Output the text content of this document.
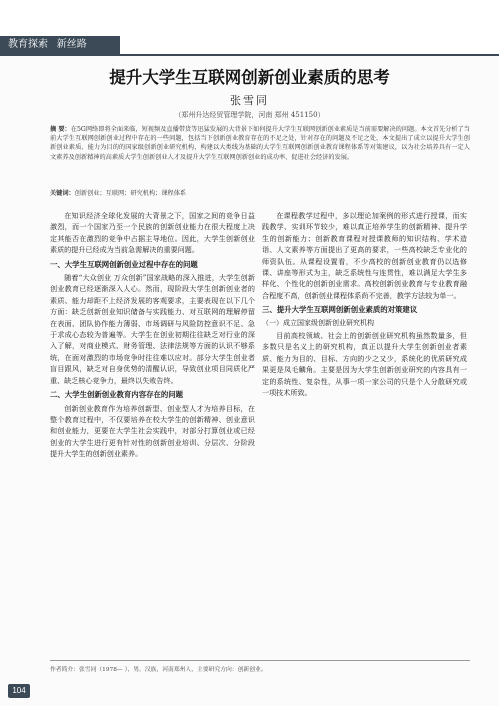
教育探索 新丝路
提升大学生互联网创新创业素质的思考
张雪同
（郑州升达经贸管理学院，河南 郑州 451150）
摘 要：在5G网络即将全面来临，短视频及直播带货等迅猛发展的大背景下如何提升大学生互联网创新创业素质是当前需要解决的问题。本文首先分析了当前大学生互联网创新创业过程中存在的一些问题，包括当下创新创业教育存在的不足之处，针对存在的问题及不足之处，本文提出了成立以提升大学生创新创业素质、能力为目的的国家级创新创业研究机构，构建以大类线为基础的大学生互联网创新创业教育课程体系等对策建议，以为社会培养具有一定人文素养及创新精神的高素质大学生创新创业人才及提升大学生互联网创新创业的成功率，促进社会经济的发展。
关键词：创新创业；互联网；研究机构；课程体系

在知识经济全球化发展的大背景之下，国家之间的竞争日益激烈，而一个国家乃至一个民族的创新创业能力在很大程度上决定其能否在激烈的竞争中占据主导地位。因此，大学生创新创业素质的提升已经成为当前急需解决的重要问题。

一、大学生互联网创新创业过程中存在的问题

随着“大众创业 万众创新”国家战略的深入推进，大学生创新创业教育已经逐渐深入人心。然而，现阶段大学生创新创业者的素质、能力却距不上经济发展的客观要求，主要表现在以下几个方面：缺乏创新创业知识储备与实践能力、对互联网的理解停留在表面、团队协作能力薄弱、市场调研与风险防控意识不足、急于求成心态较为普遍等。大学生在创业初期往往缺乏对行业的深入了解，对商业模式、财务管理、法律法规等方面的认识不够系统，在面对激烈的市场竞争时往往难以应对。部分大学生创业者盲目跟风，缺乏对自身优势的清醒认识，导致创业项目同质化严重、缺乏核心竞争力，最终以失败告终。

二、大学生创新创业教育内容存在的问题

创新创业教育作为培养创新型、创业型人才为培养目标，在整个教育过程中，不仅要培养在校大学生的创新精神、创业意识和创业能力，更要在大学生社会实践中，对部分打算创业或已经创业的大学生进行更有针对性的创新创业培训、分层次、分阶段提升大学生的创新创业素养。

在课程教学过程中，多以理论加案例的形式进行授课，而实践教学、实训环节较少，难以真正培养学生的创新精神、提升学生的创新能力；创新教育课程对授课教师的知识结构、学术造诣、人文素养等方面提出了更高的要求，一些高校缺乏专业化的师资队伍。从课程设置看，不少高校的创新创业教育仍以选修课、讲座等形式为主，缺乏系统性与连贯性，难以满足大学生多样化、个性化的创新创业需求。高校创新创业教育与专业教育融合程度不高，创新创业课程体系尚不完善，教学方法较为单一。

三、提升大学生互联网创新创业素质的对策建议
（一）成立国家级创新创业研究机构

目前高校领域、社会上的创新创业研究机构虽然数量多，但多数只是名义上的研究机构，真正以提升大学生创新创业者素质、能力为目的、目标、方向的少之又少，系统化的优质研究成果更是凤毛麟角。主要是因为大学生创新创业研究的内容具有一定的系统性、复杂性，从事一项一家公司的只是个人分散研究或一项技术所致。

作者简介：张雪同（1978— ），男，汉族，河南郑州人，主要研究方向：创新创业。
104
